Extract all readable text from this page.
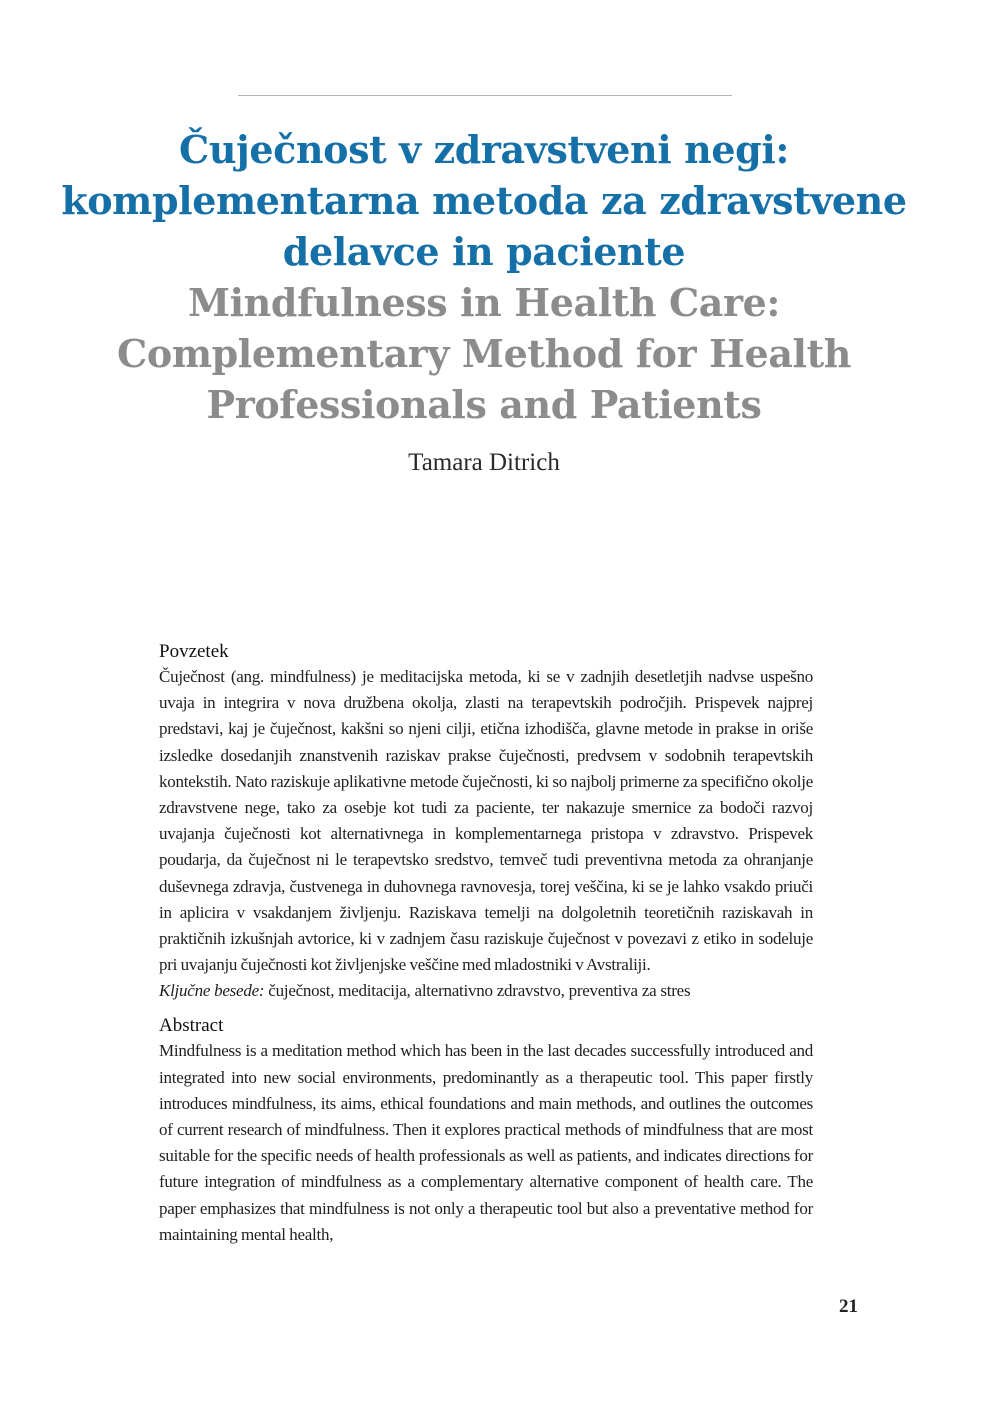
Čuječnost v zdravstveni negi: komplementarna metoda za zdravstvene delavce in paciente
Mindfulness in Health Care: Complementary Method for Health Professionals and Patients

Tamara Ditrich

Povzetek

Čuječnost (ang. mindfulness) je meditacijska metoda, ki se v zadnjih desetletjih nadvse uspešno uvaja in integrira v nova družbena okolja, zlasti na terapevtskih področjih. Prispevek najprej predstavi, kaj je čuječnost, kakšni so njeni cilji, etična izhodišča, glavne metode in prakse in oriše izsledke dosedanjih znanstvenih raziskav prakse čuječnosti, predvsem v sodobnih terapevtskih kontekstih. Nato raziskuje aplikativne metode čuječnosti, ki so najbolj primerne za specifično okolje zdravstvene nege, tako za osebje kot tudi za paciente, ter nakazuje smernice za bodoči razvoj uvajanja čuječnosti kot alternativnega in komplementarnega pristopa v zdravstvo. Prispevek poudarja, da čuječnost ni le terapevtsko sredstvo, temveč tudi preventivna metoda za ohranjanje duševnega zdravja, čustvenega in duhovnega ravnovesja, torej veščina, ki se je lahko vsakdo priuči in aplicira v vsakdanjem življenju. Raziskava temelji na dolgoletnih teoretičnih raziskavah in praktičnih izkušnjah avtorice, ki v zadnjem času raziskuje čuječnost v povezavi z etiko in sodeluje pri uvajanju čuječnosti kot življenjske veščine med mladostniki v Avstraliji.

Ključne besede: čuječnost, meditacija, alternativno zdravstvo, preventiva za stres

Abstract

Mindfulness is a meditation method which has been in the last decades successfully introduced and integrated into new social environments, predominantly as a therapeutic tool. This paper firstly introduces mindfulness, its aims, ethical foundations and main methods, and outlines the outcomes of current research of mindfulness. Then it explores practical methods of mindfulness that are most suitable for the specific needs of health professionals as well as patients, and indicates directions for future integration of mindfulness as a complementary alternative component of health care. The paper emphasizes that mindfulness is not only a therapeutic tool but also a preventative method for maintaining mental health,

21
